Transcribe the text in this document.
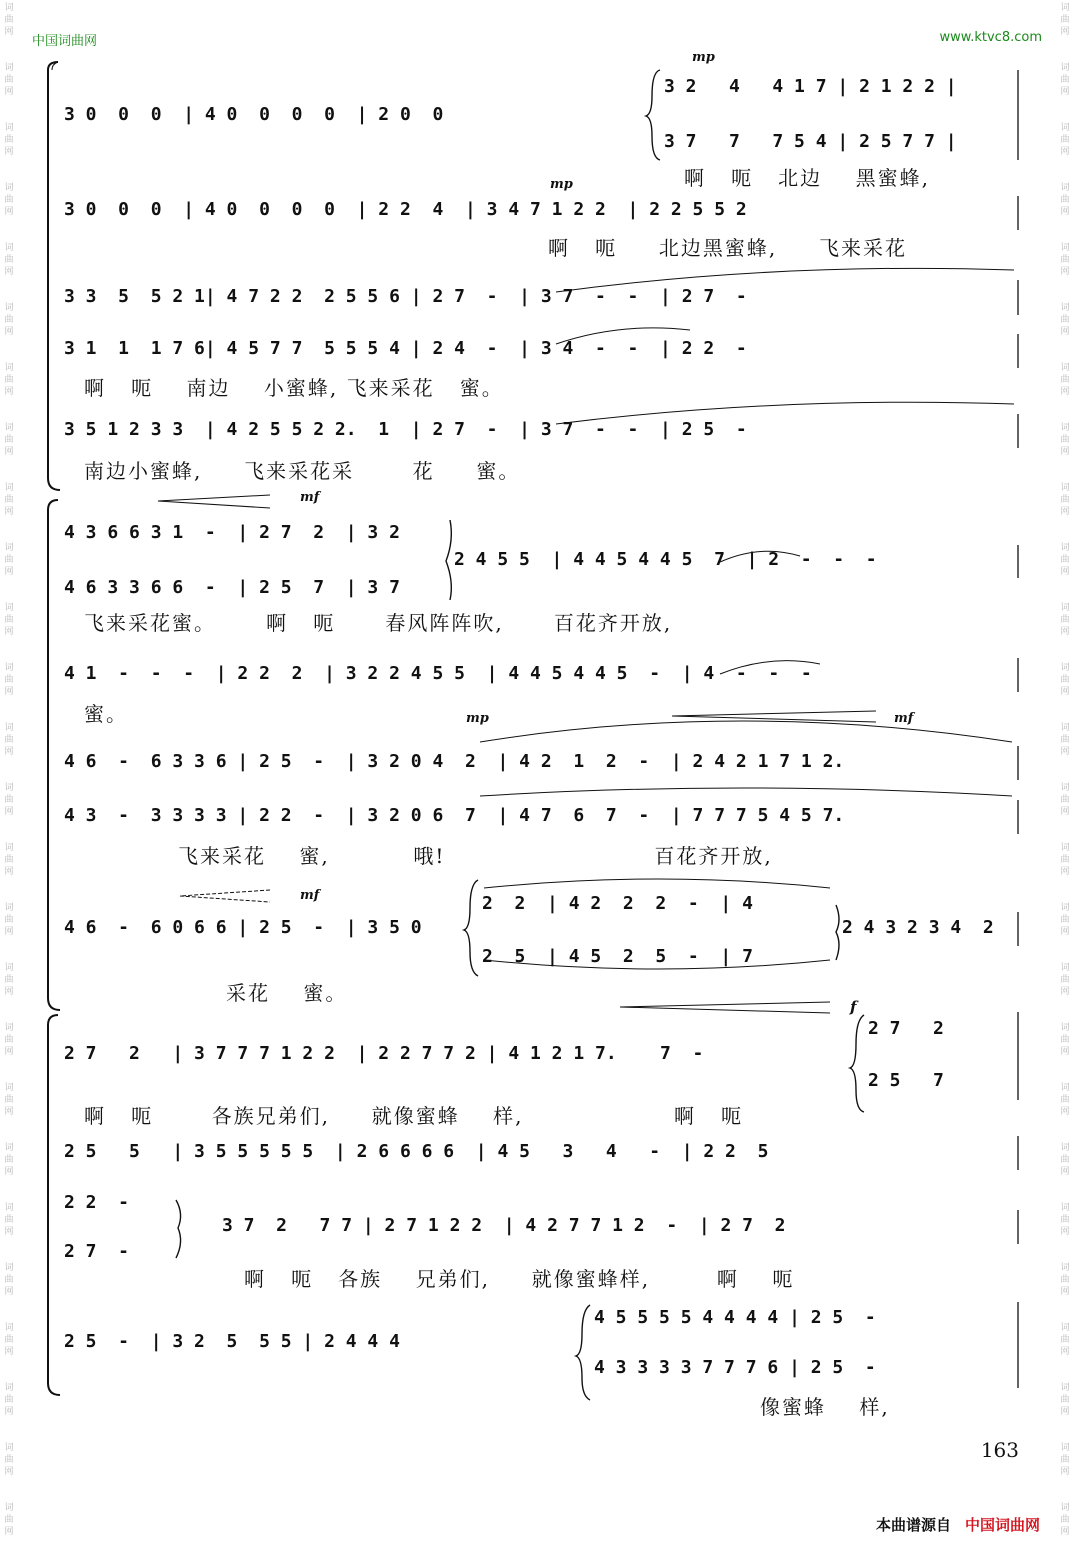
中国词曲网	www.ktvc8.com
词
曲
网
词
曲
网
词
曲
网
词
曲
网
词
曲
网
词
曲
网
词
曲
网
词
曲
网
词
曲
网
词
曲
网
词
曲
网
词
曲
网
词
曲
网
词
曲
网
词
曲
网
词
曲
网
词
曲
网
词
曲
网
词
曲
网
词
曲
网
词
曲
网
词
曲
网
词
曲
网
词
曲
网
词
曲
网
词
曲
网
词
曲
网
词
曲
网
词
曲
网
词
曲
网
词
曲
网
词
曲
网
词
曲
网
词
曲
网
词
曲
网
词
曲
网
词
曲
网
词
曲
网
词
曲
网
词
曲
网
词
曲
网
词
曲
网
词
曲
网
词
曲
网
词
曲
网
词
曲
网
词
曲
网
词
曲
网
词
曲
网
词
曲
网
词
曲
网
词
曲
网
mp
mp
mf
mp	mf
mf
f
3 0  0  0  | 4 0  0  0  0  | 2 0  0
3 0  0  0  | 4 0  0  0  0  | 2 2  4  | 3 4 7 1 2 2  | 2 2 5 5 2
3 3  5  5 2 1| 4 7 2 2  2 5 5 6 | 2 7  -  | 3 7  -  -  | 2 7  -
3 1  1  1 7 6| 4 5 7 7  5 5 5 4 | 2 4  -  | 3 4  -  -  | 2 2  -
3 5 1 2 3 3  | 4 2 5 5 2 2.  1  | 2 7  -  | 3 7  -  -  | 2 5  -
3 2   4   4 1 7 | 2 1 2 2 |
3 7   7   7 5 4 | 2 5 7 7 |
啊   呃   北边    黑蜜蜂,
啊   呃     北边黑蜜蜂,     飞来采花
啊   呃    南边    小蜜蜂, 飞来采花   蜜。
南边小蜜蜂,     飞来采花采       花     蜜。
4 3 6 6 3 1  -  | 2 7  2  | 3 2
4 6 3 3 6 6  -  | 2 5  7  | 3 7
4 1  -  -  -  | 2 2  2  | 3 2 2 4 5 5  | 4 4 5 4 4 5  -  | 4  -  -  -
2 4 5 5  | 4 4 5 4 4 5  7  | 2  -  -  -
飞来采花蜜。      啊   呃      春风阵阵吹,      百花齐开放,
蜜。
4 6  -  6 3 3 6 | 2 5  -  | 3 2 0 4  2  | 4 2  1  2  -  | 2 4 2 1 7 1 2.
4 3  -  3 3 3 3 | 2 2  -  | 3 2 0 6  7  | 4 7  6  7  -  | 7 7 7 5 4 5 7.
飞来采花    蜜,          哦!                         百花齐开放,
4 6  -  6 0 6 6 | 2 5  -  | 3 5 0
2  2  | 4 2  2  2  -  | 4
2  5  | 4 5  2  5  -  | 7
2 4 3 2 3 4  2
采花    蜜。
2 7   2   | 3 7 7 7 1 2 2  | 2 2 7 7 2 | 4 1 2 1 7.    7  -
2 5   5   | 3 5 5 5 5 5  | 2 6 6 6 6  | 4 5   3   4   -  | 2 2  5
2 7   2
2 5   7
啊   呃       各族兄弟们,     就像蜜蜂    样,                  啊   呃
2 2  -
2 7  -
3 7  2   7 7 | 2 7 1 2 2  | 4 2 7 7 1 2  -  | 2 7  2
2 5  -  | 3 2  5  5 5 | 2 4 4 4
4 5 5 5 5 4 4 4 4 | 2 5  -
4 3 3 3 3 7 7 7 6 | 2 5  -
啊   呃   各族    兄弟们,     就像蜜蜂样,        啊    呃
像蜜蜂    样,
163
本曲谱源自 中国词曲网
